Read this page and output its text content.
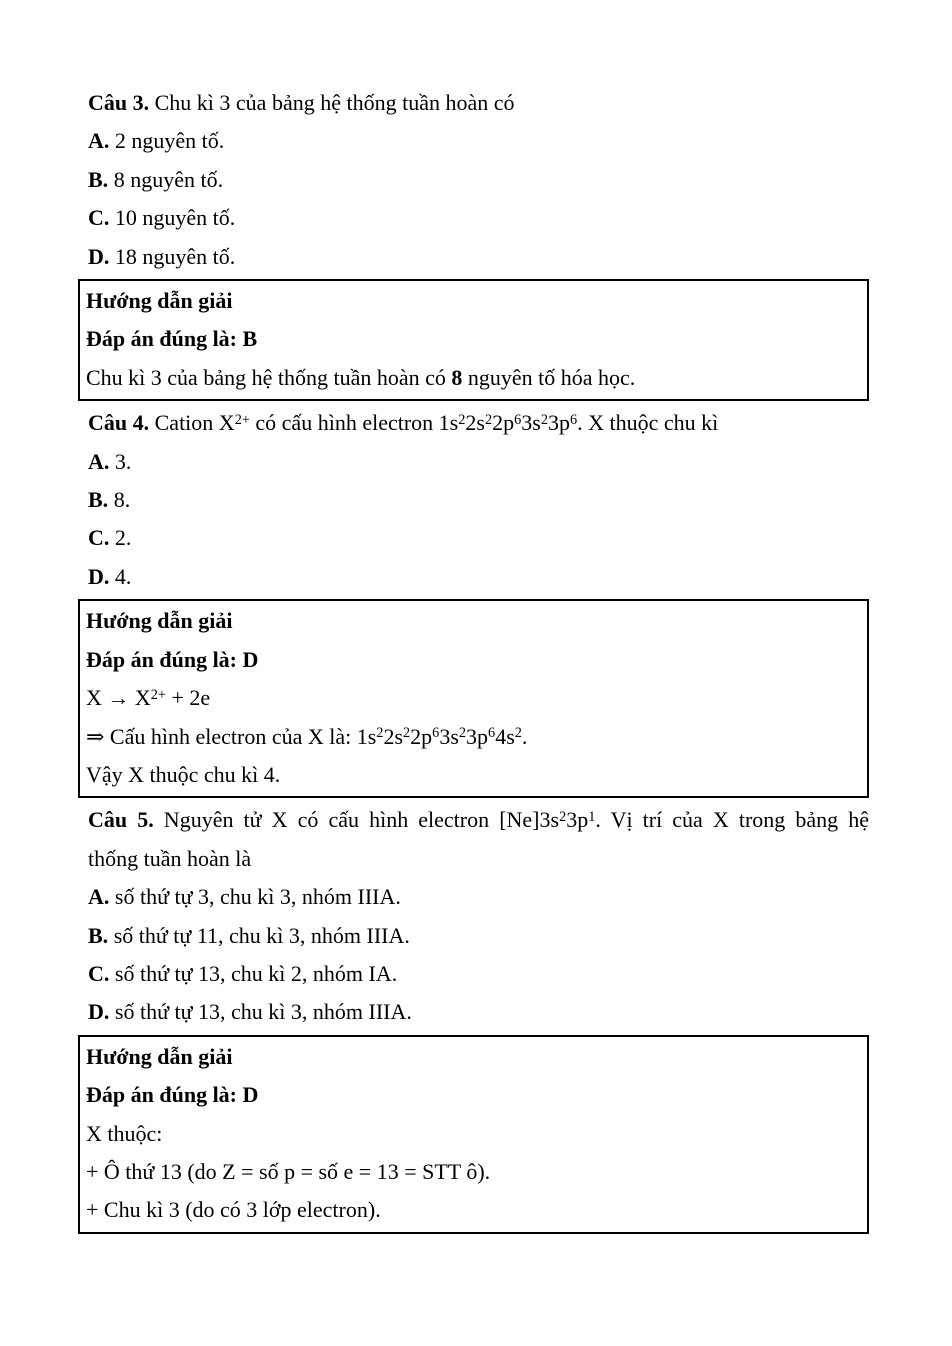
Câu 3. Chu kì 3 của bảng hệ thống tuần hoàn có

A. 2 nguyên tố.

B. 8 nguyên tố.

C. 10 nguyên tố.

D. 18 nguyên tố.

Hướng dẫn giải

Đáp án đúng là: B

Chu kì 3 của bảng hệ thống tuần hoàn có 8 nguyên tố hóa học.

Câu 4. Cation $X^{2+}$ có cấu hình electron $1s^22s^22p^63s^23p^6$. X thuộc chu kì

A. 3.

B. 8.

C. 2.

D. 4.

Hướng dẫn giải

Đáp án đúng là: D

$X \to X^{2+} + 2e$

⇒ Cấu hình electron của X là: $1s^22s^22p^63s^23p^64s^2$.

Vậy X thuộc chu kì 4.

Câu 5. Nguyên tử X có cấu hình electron $[Ne]3s^23p^1$. Vị trí của X trong bảng hệ

thống tuần hoàn là

A. số thứ tự 3, chu kì 3, nhóm IIIA.

B. số thứ tự 11, chu kì 3, nhóm IIIA.

C. số thứ tự 13, chu kì 2, nhóm IA.

D. số thứ tự 13, chu kì 3, nhóm IIIA.

Hướng dẫn giải

Đáp án đúng là: D

X thuộc:

+ Ô thứ 13 (do Z = số p = số e = 13 = STT ô).

+ Chu kì 3 (do có 3 lớp electron).
